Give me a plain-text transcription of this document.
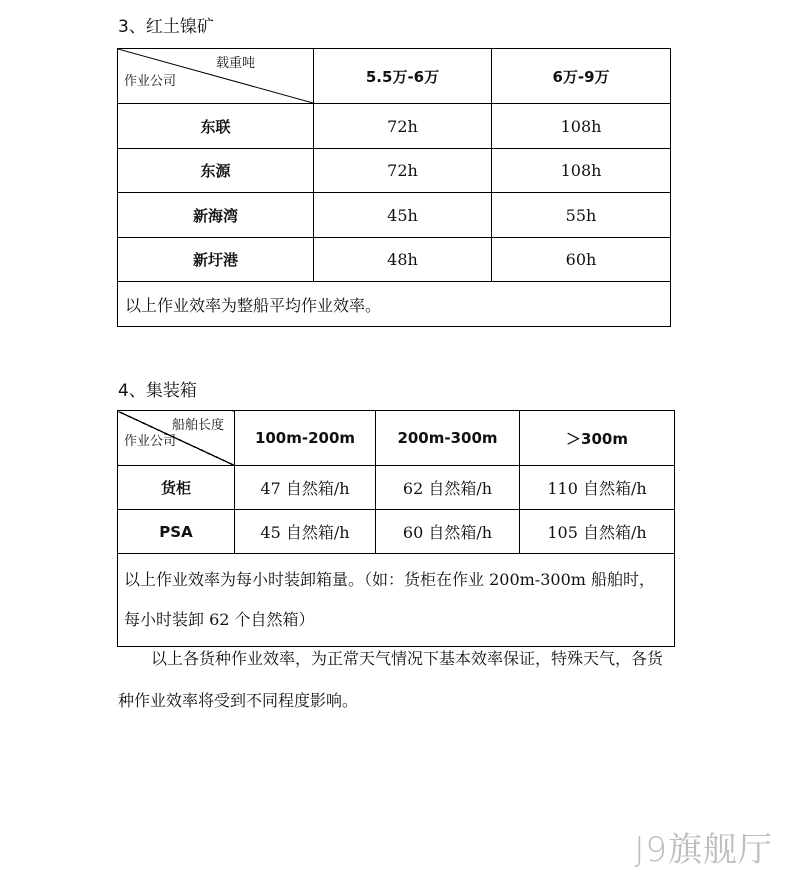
3、红土镍矿
载重吨
作业公司	5.5万-6万	6万-9万
东联	72h	108h
东源	72h	108h
新海湾	45h	55h
新圩港	48h	60h
以上作业效率为整船平均作业效率。		
4、集装箱
船舶长度
作业公司	100m-200m	200m-300m	＞300m
货柜	47 自然箱/h	62 自然箱/h	110 自然箱/h
PSA	45 自然箱/h	60 自然箱/h	105 自然箱/h
以上作业效率为每小时装卸箱量。（如：货柜在作业 200m-300m 船舶时，每小时装卸 62 个自然箱）			
以上各货种作业效率，为正常天气情况下基本效率保证，特殊天气，各货种作业效率将受到不同程度影响。
J9旗舰厅
